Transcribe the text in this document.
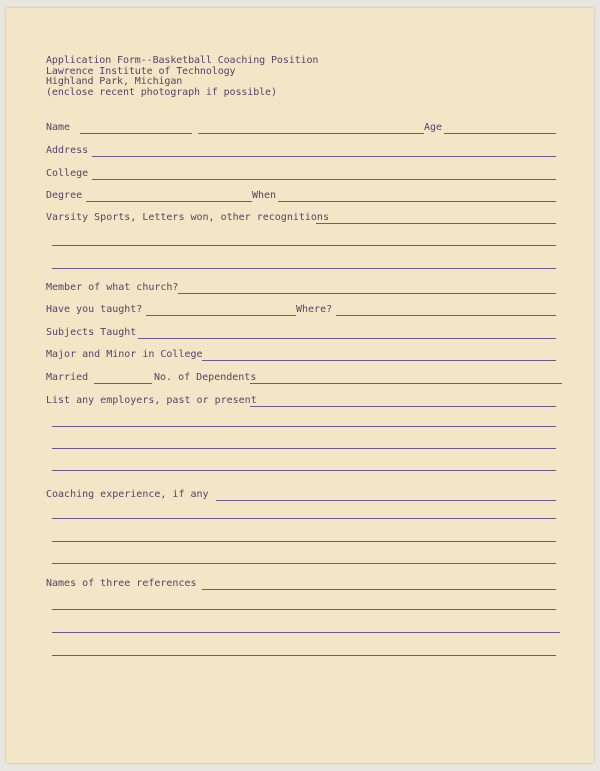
Application Form--Basketball Coaching Position
Lawrence Institute of Technology
Highland Park, Michigan
(enclose recent photograph if possible)
Name	Age
Address
College
Degree	When
Varsity Sports, Letters won, other recognitions
Member of what church?
Have you taught?	Where?
Subjects Taught
Major and Minor in College
Married	No. of Dependents
List any employers, past or present
Coaching experience, if any
Names of three references
